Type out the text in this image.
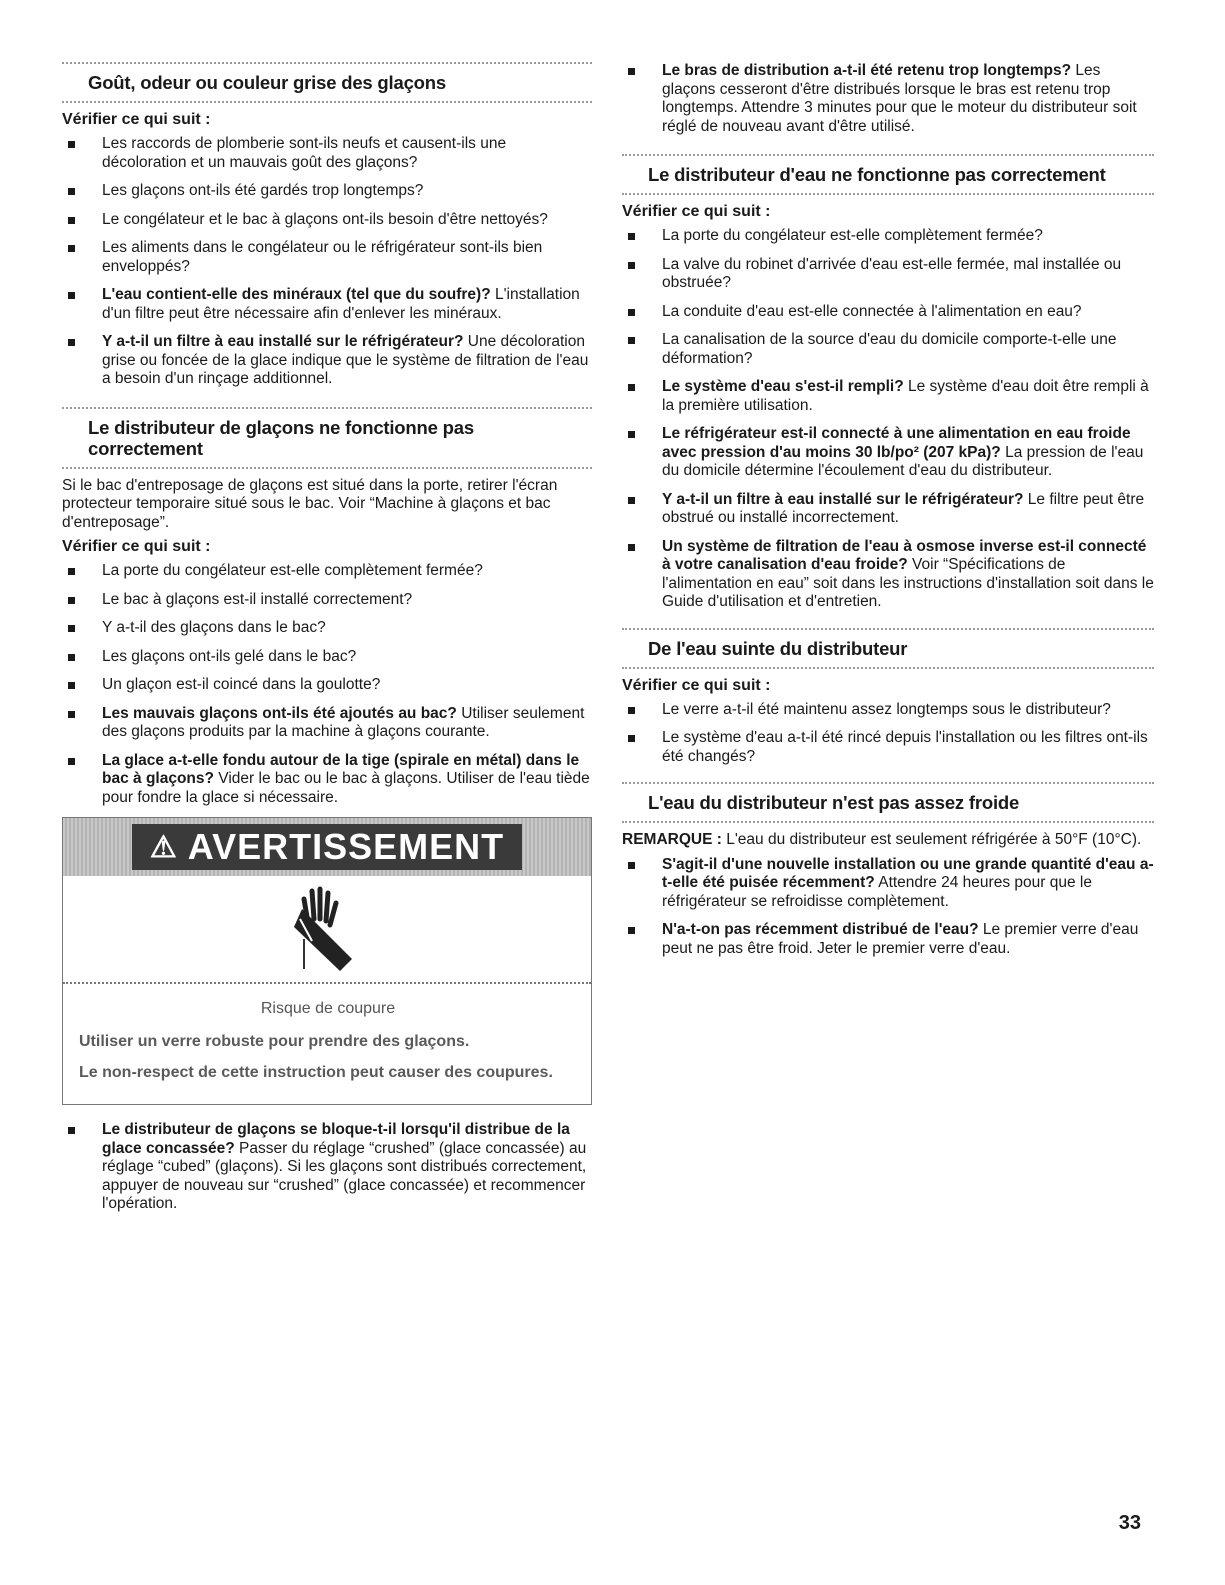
Goût, odeur ou couleur grise des glaçons
Vérifier ce qui suit :
Les raccords de plomberie sont-ils neufs et causent-ils une décoloration et un mauvais goût des glaçons?
Les glaçons ont-ils été gardés trop longtemps?
Le congélateur et le bac à glaçons ont-ils besoin d'être nettoyés?
Les aliments dans le congélateur ou le réfrigérateur sont-ils bien enveloppés?
L'eau contient-elle des minéraux (tel que du soufre)? L'installation d'un filtre peut être nécessaire afin d'enlever les minéraux.
Y a-t-il un filtre à eau installé sur le réfrigérateur? Une décoloration grise ou foncée de la glace indique que le système de filtration de l'eau a besoin d'un rinçage additionnel.
Le distributeur de glaçons ne fonctionne pas correctement

Si le bac d'entreposage de glaçons est situé dans la porte, retirer l'écran protecteur temporaire situé sous le bac. Voir “Machine à glaçons et bac d'entreposage”.

Vérifier ce qui suit :
La porte du congélateur est-elle complètement fermée?
Le bac à glaçons est-il installé correctement?
Y a-t-il des glaçons dans le bac?
Les glaçons ont-ils gelé dans le bac?
Un glaçon est-il coincé dans la goulotte?
Les mauvais glaçons ont-ils été ajoutés au bac? Utiliser seulement des glaçons produits par la machine à glaçons courante.
La glace a-t-elle fondu autour de la tige (spirale en métal) dans le bac à glaçons? Vider le bac ou le bac à glaçons. Utiliser de l'eau tiède pour fondre la glace si nécessaire.
⚠ AVERTISSEMENT
Risque de coupure
Utiliser un verre robuste pour prendre des glaçons.
Le non-respect de cette instruction peut causer des coupures.
Le distributeur de glaçons se bloque-t-il lorsqu'il distribue de la glace concassée? Passer du réglage “crushed” (glace concassée) au réglage “cubed” (glaçons). Si les glaçons sont distribués correctement, appuyer de nouveau sur “crushed” (glace concassée) et recommencer l'opération.
Le bras de distribution a-t-il été retenu trop longtemps? Les glaçons cesseront d'être distribués lorsque le bras est retenu trop longtemps. Attendre 3 minutes pour que le moteur du distributeur soit réglé de nouveau avant d'être utilisé.
Le distributeur d'eau ne fonctionne pas correctement
Vérifier ce qui suit :
La porte du congélateur est-elle complètement fermée?
La valve du robinet d'arrivée d'eau est-elle fermée, mal installée ou obstruée?
La conduite d'eau est-elle connectée à l'alimentation en eau?
La canalisation de la source d'eau du domicile comporte-t-elle une déformation?
Le système d'eau s'est-il rempli? Le système d'eau doit être rempli à la première utilisation.
Le réfrigérateur est-il connecté à une alimentation en eau froide avec pression d'au moins 30 lb/po² (207 kPa)? La pression de l'eau du domicile détermine l'écoulement d'eau du distributeur.
Y a-t-il un filtre à eau installé sur le réfrigérateur? Le filtre peut être obstrué ou installé incorrectement.
Un système de filtration de l'eau à osmose inverse est-il connecté à votre canalisation d'eau froide? Voir “Spécifications de l'alimentation en eau” soit dans les instructions d'installation soit dans le Guide d'utilisation et d'entretien.
De l'eau suinte du distributeur
Vérifier ce qui suit :
Le verre a-t-il été maintenu assez longtemps sous le distributeur?
Le système d'eau a-t-il été rincé depuis l'installation ou les filtres ont-ils été changés?
L'eau du distributeur n'est pas assez froide

REMARQUE : L'eau du distributeur est seulement réfrigérée à 50°F (10°C).

S'agit-il d'une nouvelle installation ou une grande quantité d'eau a-t-elle été puisée récemment? Attendre 24 heures pour que le réfrigérateur se refroidisse complètement.
N'a-t-on pas récemment distribué de l'eau? Le premier verre d'eau peut ne pas être froid. Jeter le premier verre d'eau.
33
